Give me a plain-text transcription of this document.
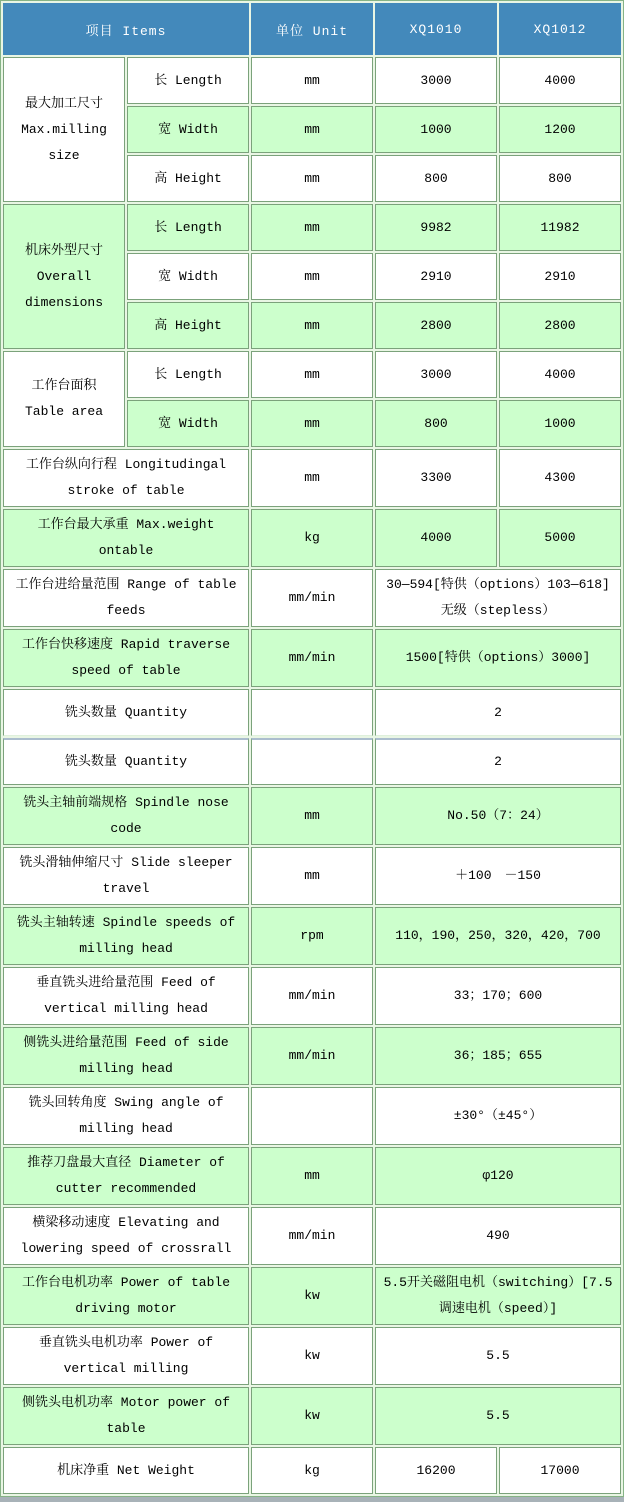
项目 Items		单位 Unit	XQ1010	XQ1012
最大加工尺寸 Max.milling size	长 Length	mm	3000	4000
	宽 Width	mm	1000	1200
	高 Height	mm	800	800
机床外型尺寸 Overall dimensions	长 Length	mm	9982	11982
	宽 Width	mm	2910	2910
	高 Height	mm	2800	2800
工作台面积 Table area	长 Length	mm	3000	4000
	宽 Width	mm	800	1000
工作台纵向行程 Longitudingal stroke of table		mm	3300	4300
工作台最大承重 Max.weight ontable		kg	4000	5000
工作台进给量范围 Range of table feeds		mm/min	30—594[特供（options）103—618]无级（stepless）	
工作台快移速度 Rapid traverse speed of table		mm/min	1500[特供（options）3000]	
铣头数量 Quantity			2	
铣头数量 Quantity			2	
铣头主轴前端规格 Spindle nose code		mm	No.50（7：24）	
铣头滑轴伸缩尺寸 Slide sleeper travel		mm	＋100　－150	
铣头主轴转速 Spindle speeds of milling head		rpm	110，190，250，320，420，700	
垂直铣头进给量范围 Feed of vertical milling head		mm/min	33；170；600	
侧铣头进给量范围 Feed of side milling head		mm/min	36；185；655	
铣头回转角度 Swing angle of milling head			±30°（±45°）	
推荐刀盘最大直径 Diameter of cutter recommended		mm	φ120	
横梁移动速度 Elevating and lowering speed of crossrall		mm/min	490	
工作台电机功率 Power of table driving motor		kw	5.5开关磁阻电机（switching）[7.5调速电机（speed）]	
垂直铣头电机功率 Power of vertical milling		kw	5.5	
侧铣头电机功率 Motor power of table		kw	5.5	
机床净重 Net Weight		kg	16200	17000
